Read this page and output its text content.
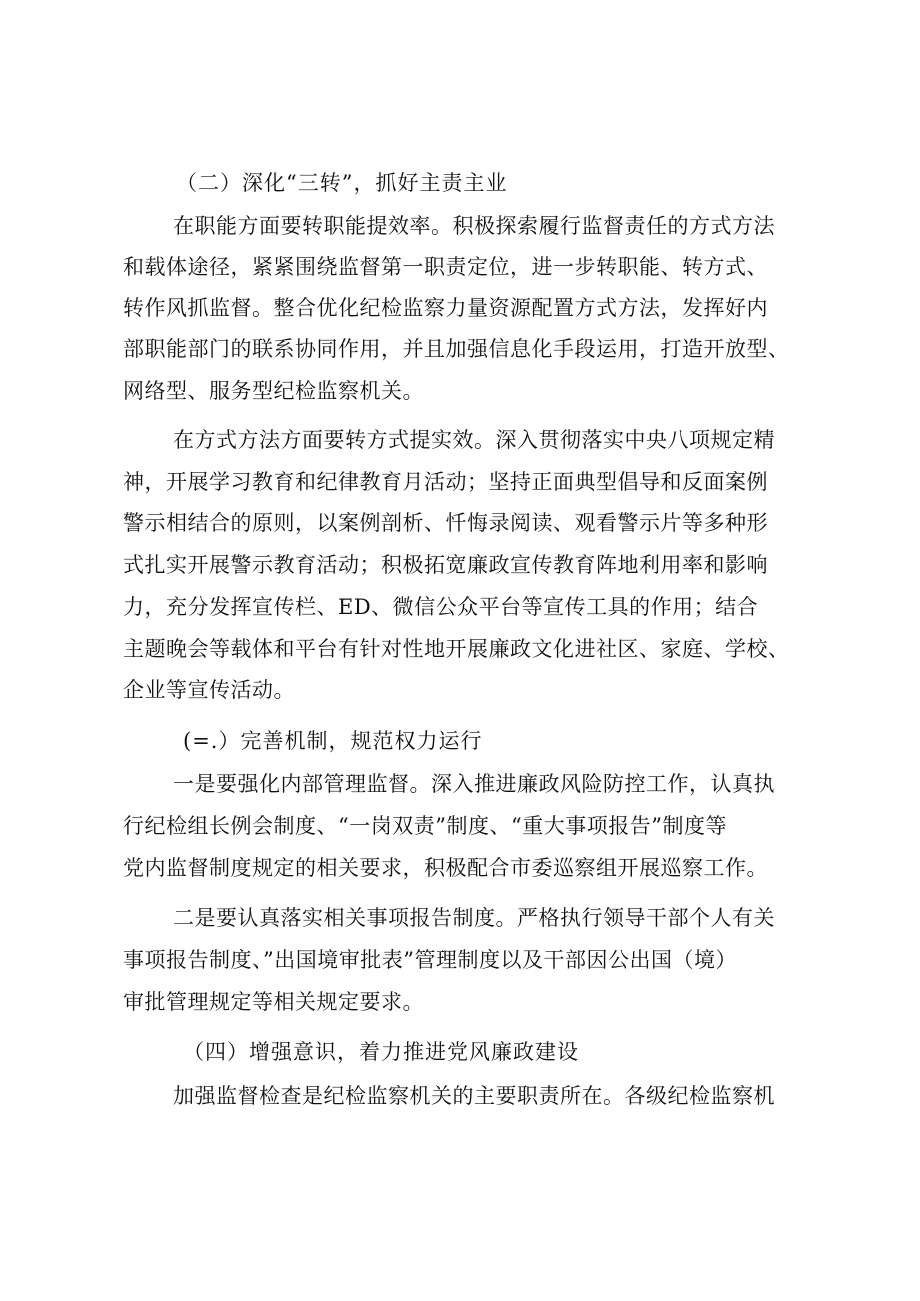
（二）深化“三转”，抓好主责主业
在职能方面要转职能提效率。积极探索履行监督责任的方式方法
和载体途径，紧紧围绕监督第一职责定位，进一步转职能、转方式、
转作风抓监督。整合优化纪检监察力量资源配置方式方法，发挥好内
部职能部门的联系协同作用，并且加强信息化手段运用，打造开放型、
网络型、服务型纪检监察机关。
在方式方法方面要转方式提实效。深入贯彻落实中央八项规定精
神，开展学习教育和纪律教育月活动；坚持正面典型倡导和反面案例
警示相结合的原则，以案例剖析、忏悔录阅读、观看警示片等多种形
式扎实开展警示教育活动；积极拓宽廉政宣传教育阵地利用率和影响
力，充分发挥宣传栏、ED、微信公众平台等宣传工具的作用；结合
主题晚会等载体和平台有针对性地开展廉政文化进社区、家庭、学校、
企业等宣传活动。
(=.）完善机制，规范权力运行
一是要强化内部管理监督。深入推进廉政风险防控工作，认真执
行纪检组长例会制度、“一岗双责”制度、“重大事项报告”制度等
党内监督制度规定的相关要求，积极配合市委巡察组开展巡察工作。
二是要认真落实相关事项报告制度。严格执行领导干部个人有关
事项报告制度、”出国境审批表”管理制度以及干部因公出国（境）
审批管理规定等相关规定要求。
（四）增强意识，着力推进党风廉政建设
加强监督检查是纪检监察机关的主要职责所在。各级纪检监察机
